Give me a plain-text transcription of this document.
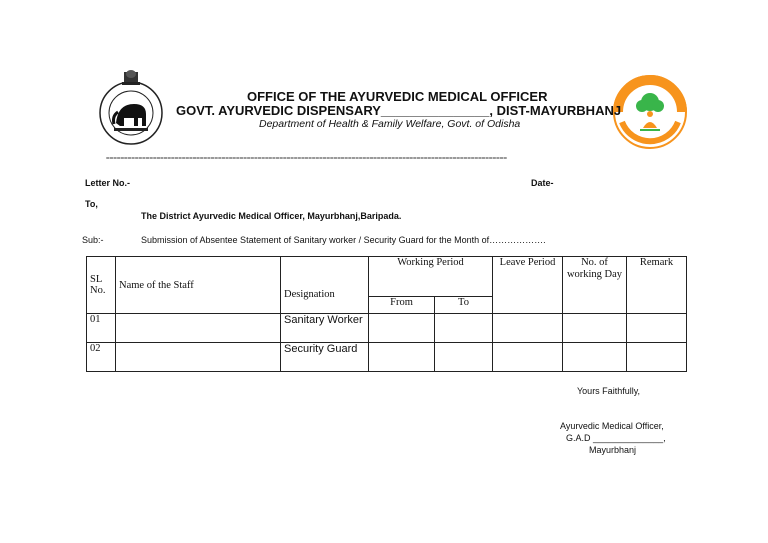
OFFICE OF THE AYURVEDIC MEDICAL OFFICER
GOVT. AYURVEDIC DISPENSARY_______________, DIST-MAYURBHANJ
Department of Health & Family Welfare, Govt. of Odisha
===============================================================================================================
Letter No.-	Date-
To,
The District Ayurvedic Medical Officer, Mayurbhanj,Baripada.
Sub:-	Submission of Absentee Statement of Sanitary worker / Security Guard for the Month of……………….
SL No.	Name of the Staff	Designation	Working Period		Leave Period	No. of working Day	Remark
			From	To			
01		Sanitary Worker					
02		Security Guard					
Yours Faithfully,
Ayurvedic Medical Officer,
G.A.D ______________,
Mayurbhanj
